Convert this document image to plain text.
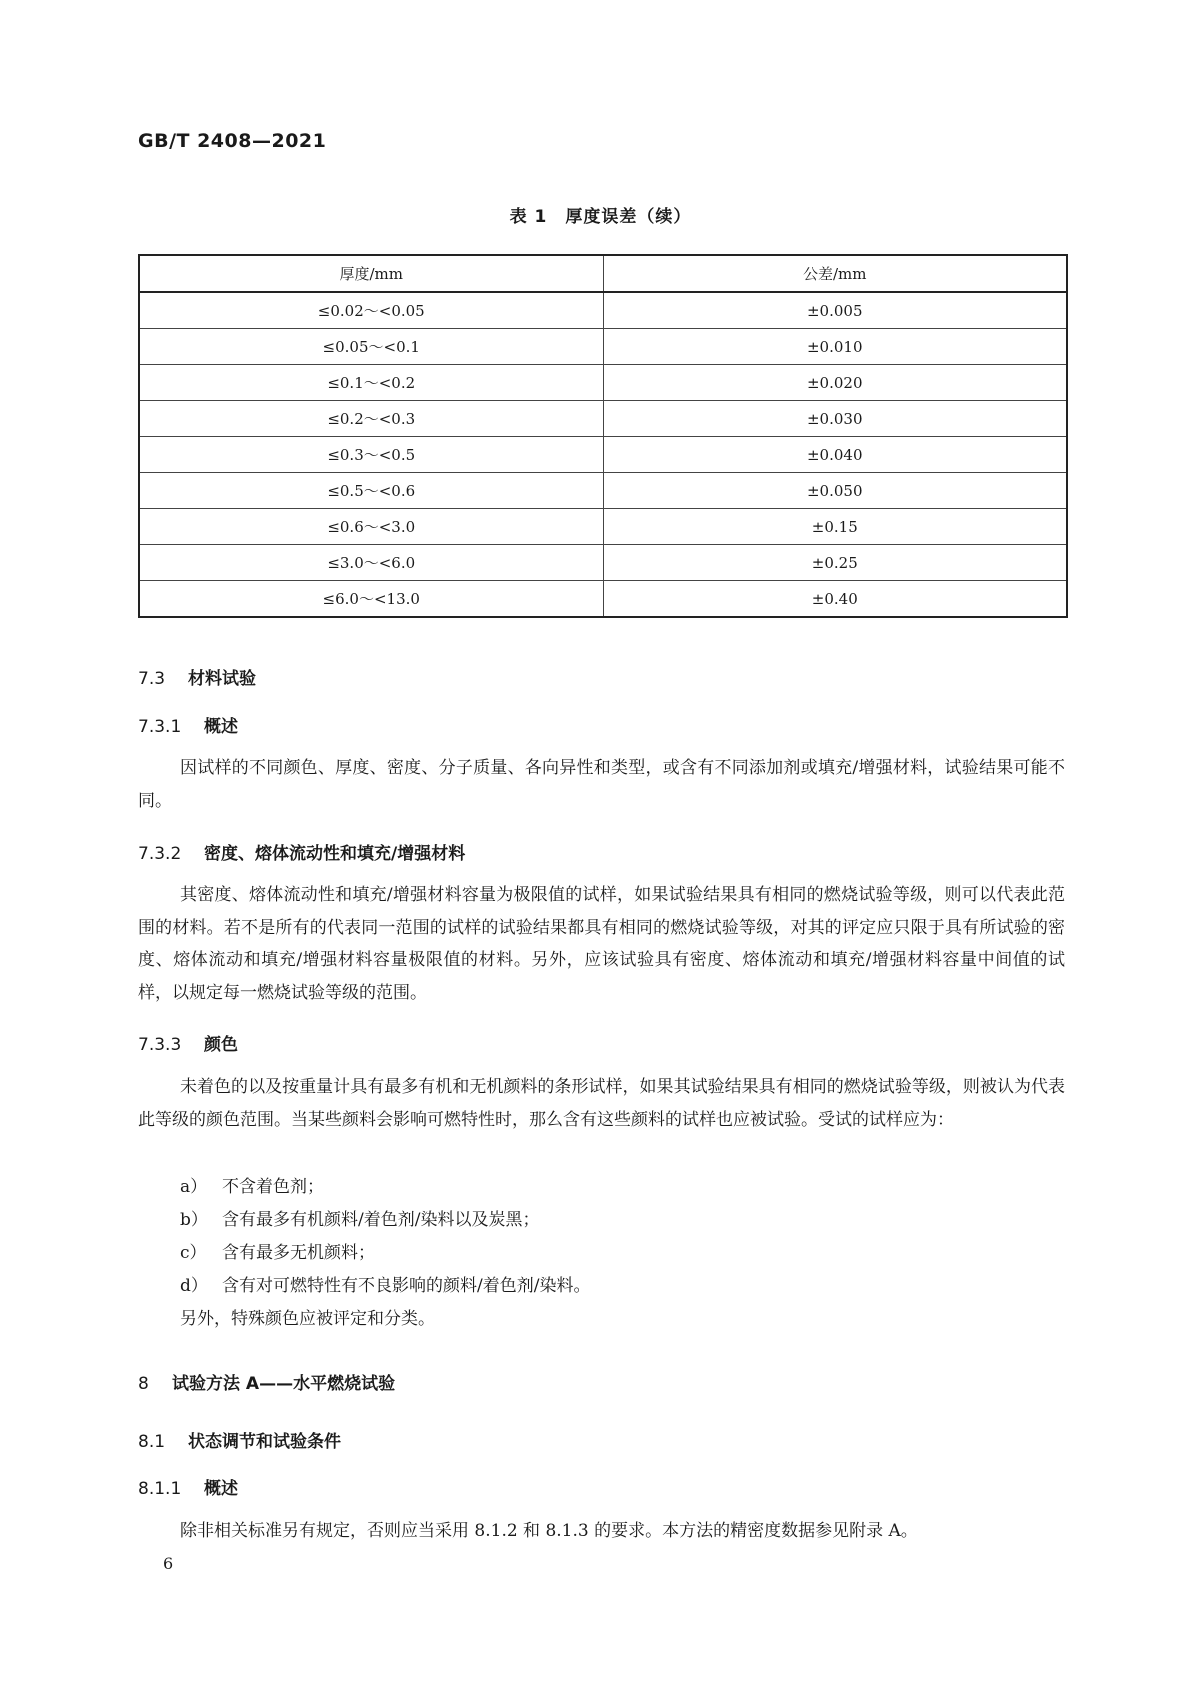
GB/T 2408—2021
表 1　厚度误差（续）
厚度/mm	公差/mm
≤0.02～<0.05	±0.005
≤0.05～<0.1	±0.010
≤0.1～<0.2	±0.020
≤0.2～<0.3	±0.030
≤0.3～<0.5	±0.040
≤0.5～<0.6	±0.050
≤0.6～<3.0	±0.15
≤3.0～<6.0	±0.25
≤6.0～<13.0	±0.40
7.3 材料试验
7.3.1 概述

因试样的不同颜色、厚度、密度、分子质量、各向异性和类型，或含有不同添加剂或填充/增强材料，试验结果可能不同。

7.3.2 密度、熔体流动性和填充/增强材料

其密度、熔体流动性和填充/增强材料容量为极限值的试样，如果试验结果具有相同的燃烧试验等级，则可以代表此范围的材料。若不是所有的代表同一范围的试样的试验结果都具有相同的燃烧试验等级，对其的评定应只限于具有所试验的密度、熔体流动和填充/增强材料容量极限值的材料。另外，应该试验具有密度、熔体流动和填充/增强材料容量中间值的试样，以规定每一燃烧试验等级的范围。

7.3.3 颜色

未着色的以及按重量计具有最多有机和无机颜料的条形试样，如果其试验结果具有相同的燃烧试验等级，则被认为代表此等级的颜色范围。当某些颜料会影响可燃特性时，那么含有这些颜料的试样也应被试验。受试的试样应为：

a） 不含着色剂；
b） 含有最多有机颜料/着色剂/染料以及炭黑；
c） 含有最多无机颜料；
d） 含有对可燃特性有不良影响的颜料/着色剂/染料。
另外，特殊颜色应被评定和分类。
8 试验方法 A——水平燃烧试验
8.1 状态调节和试验条件
8.1.1 概述

除非相关标准另有规定，否则应当采用 8.1.2 和 8.1.3 的要求。本方法的精密度数据参见附录 A。

6
